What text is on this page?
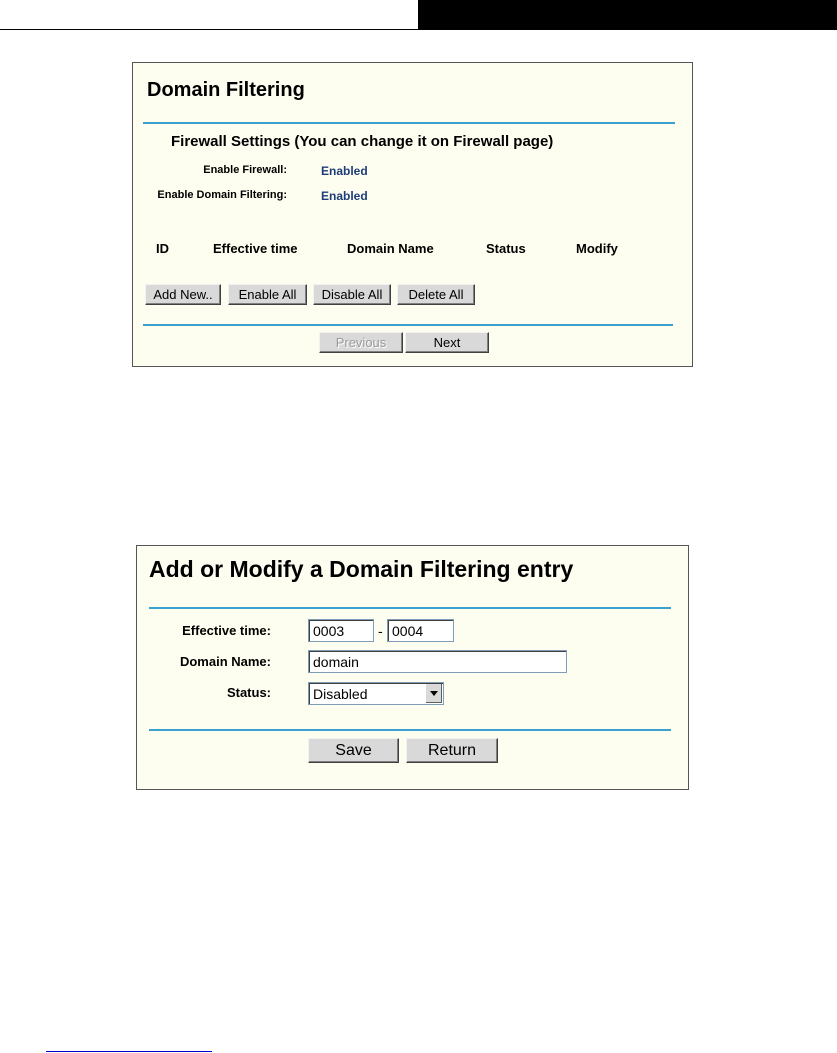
Domain Filtering
Firewall Settings (You can change it on Firewall page)
Enable Firewall:	Enabled
Enable Domain Filtering:	Enabled
ID	Effective time	Domain Name	Status	Modify
Add New..	Enable All	Disable All	Delete All
Previous	Next
Add or Modify a Domain Filtering entry
Effective time:	0003	- 0004
Domain Name:	domain
Status:	Disabled
Save	Return
